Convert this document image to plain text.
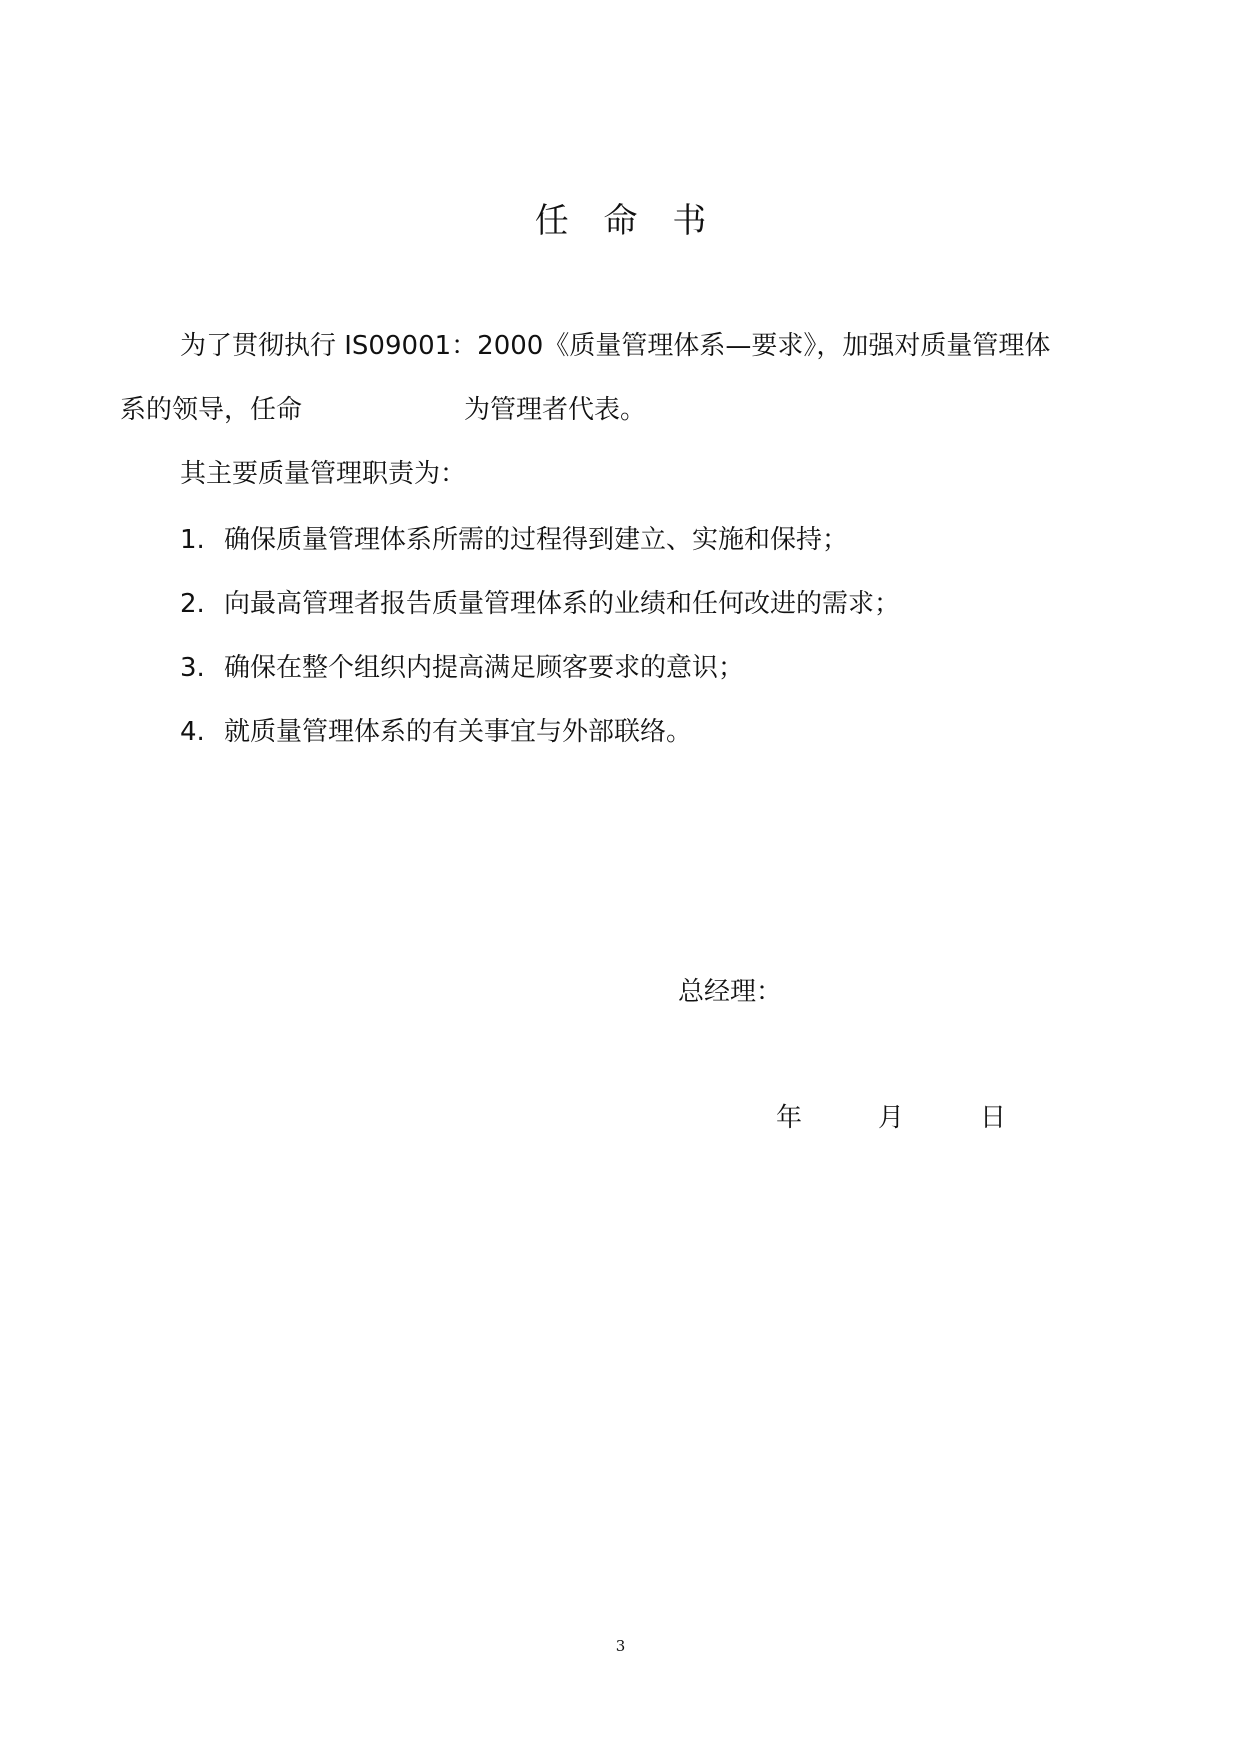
任 命 书
为了贯彻执行 IS09001：2000《质量管理体系—要求》，加强对质量管理体
系的领导，任命	为管理者代表。
其主要质量管理职责为：
1. 确保质量管理体系所需的过程得到建立、实施和保持；
2. 向最高管理者报告质量管理体系的业绩和任何改进的需求；
3. 确保在整个组织内提高满足顾客要求的意识；
4. 就质量管理体系的有关事宜与外部联络。
总经理：
年	月	日
3
